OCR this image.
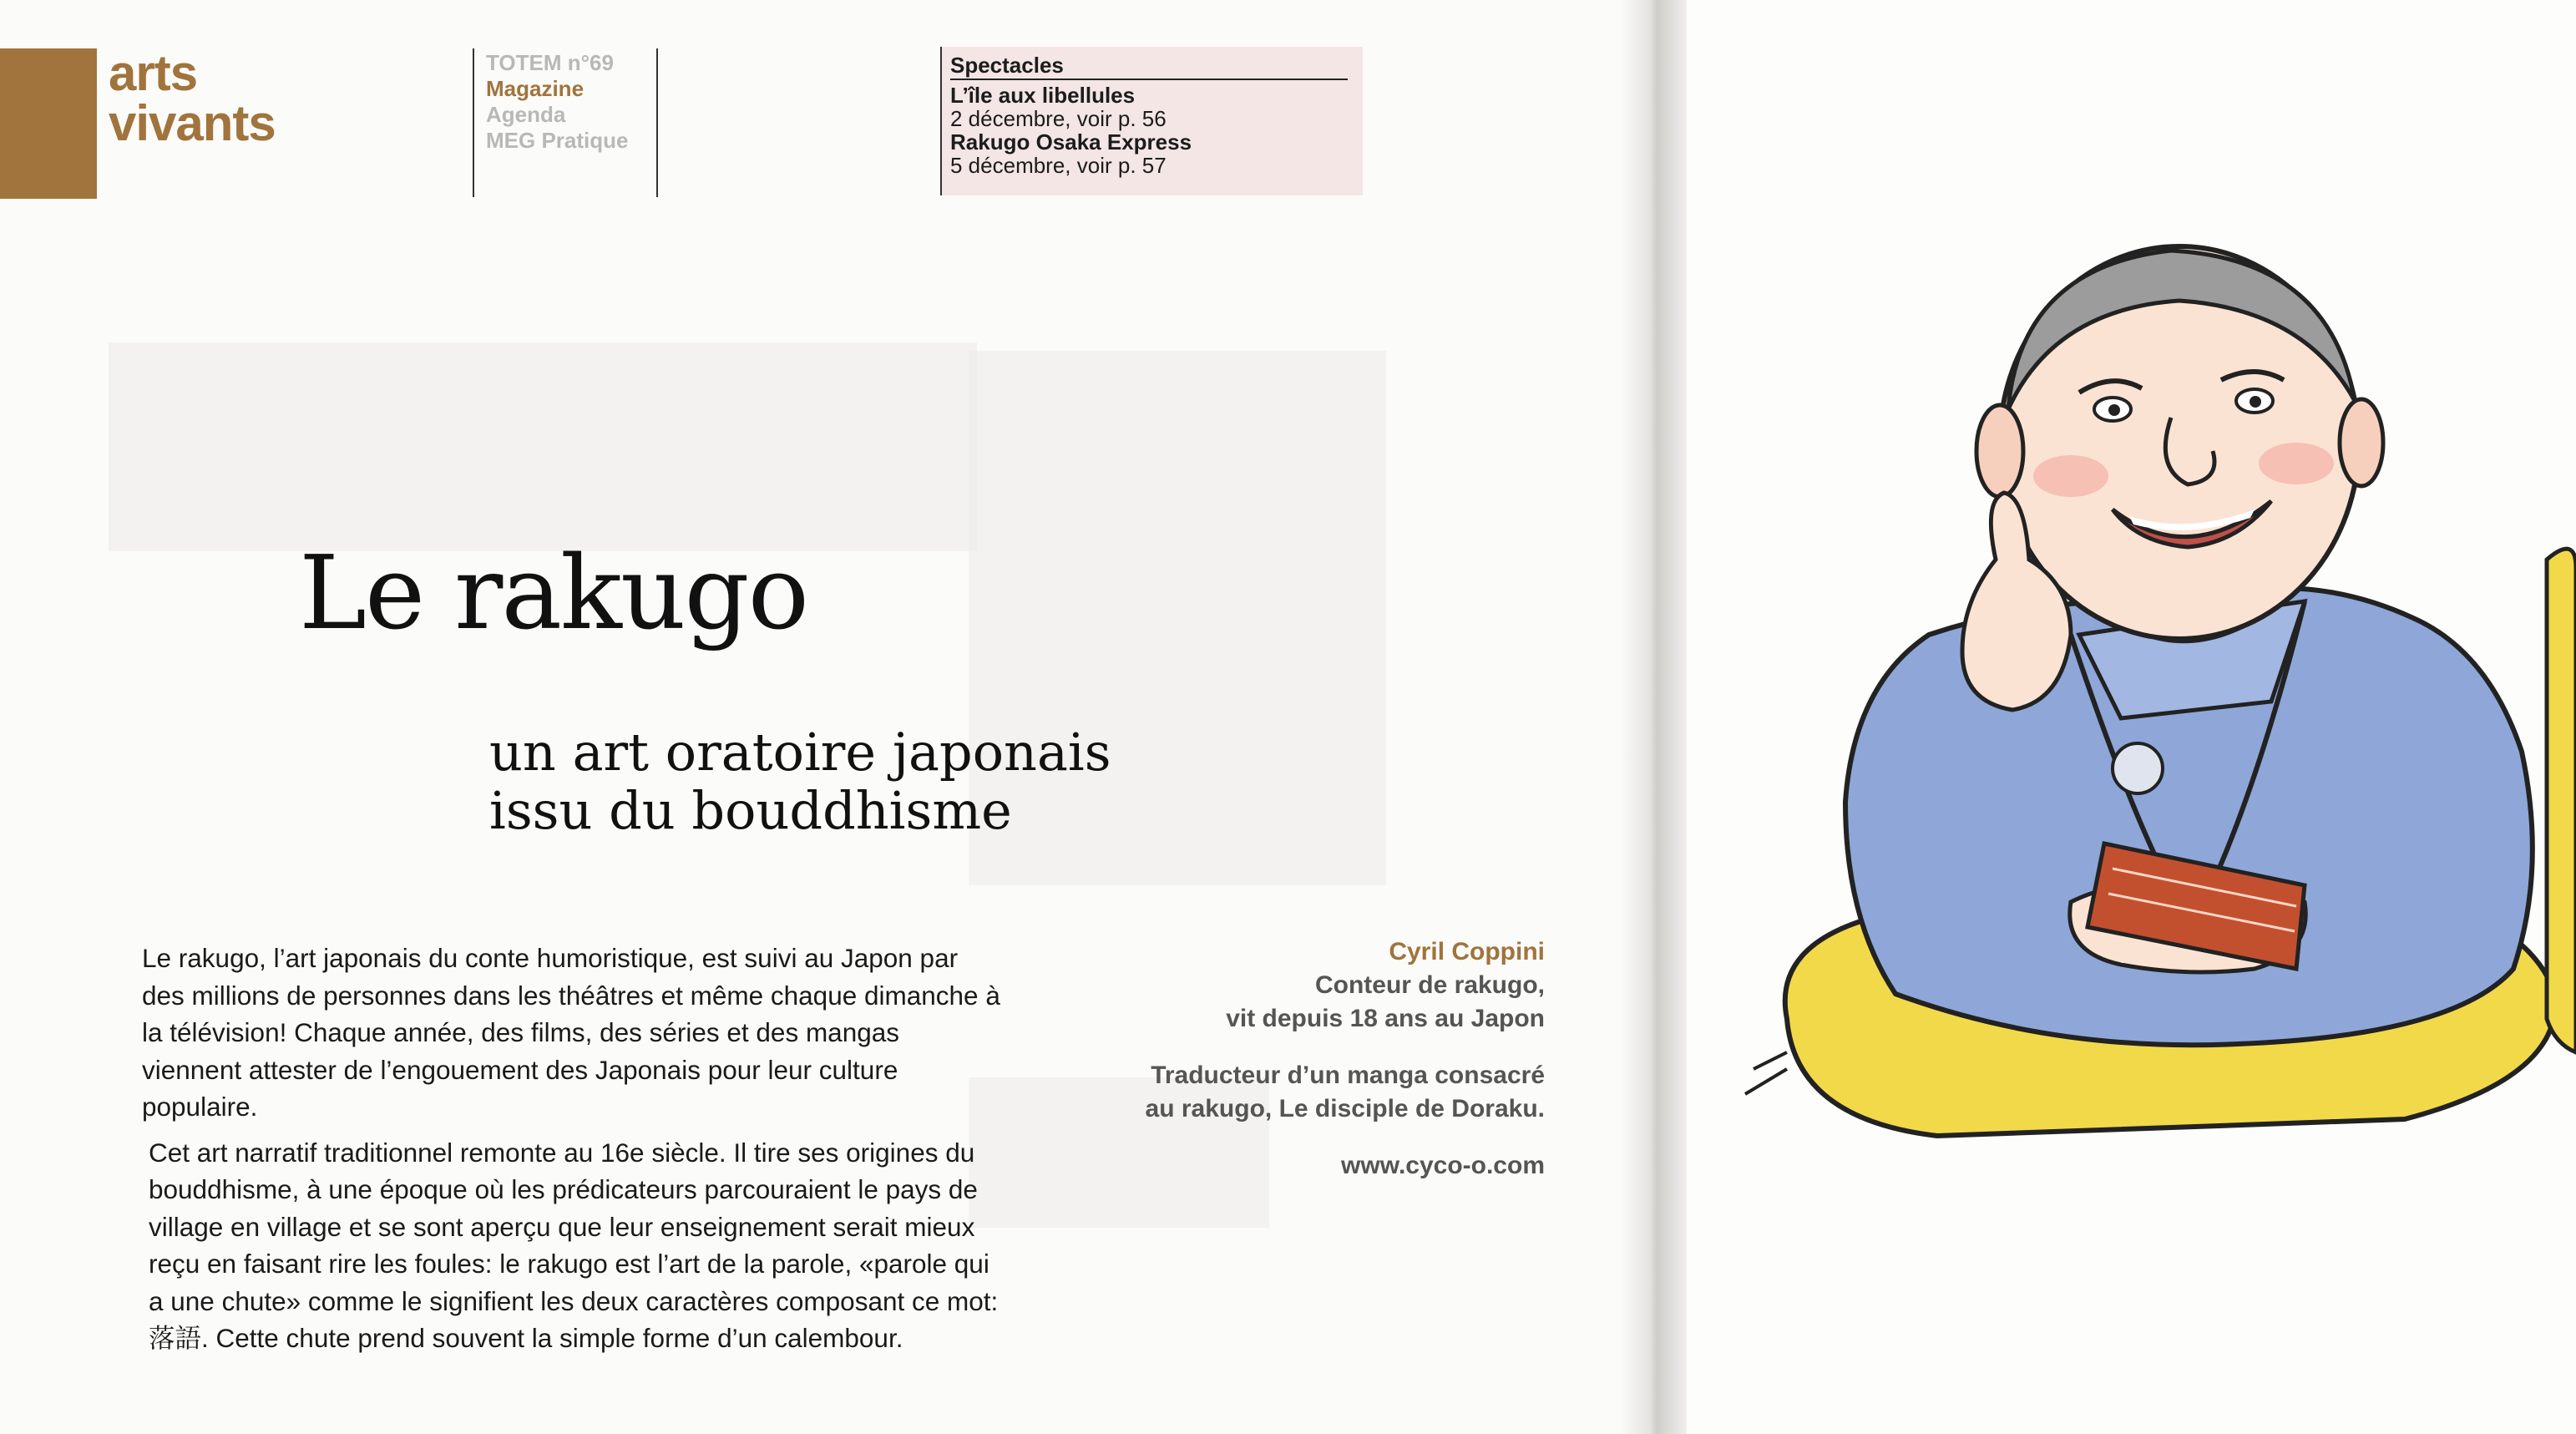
arts
vivants
TOTEM n°69
Magazine
Agenda
MEG Pratique
Spectacles
L’île aux libellules
2 décembre, voir p. 56
Rakugo Osaka Express
5 décembre, voir p. 57
Le rakugo
un art oratoire japonais
issu du bouddhisme

Le rakugo, l’art japonais du conte humoristique, est suivi au Japon par des millions de personnes dans les théâtres et même chaque dimanche à la télévision! Chaque année, des films, des séries et des mangas viennent attester de l’engouement des Japonais pour leur culture populaire.

Cet art narratif traditionnel remonte au 16e siècle. Il tire ses origines du bouddhisme, à une époque où les prédicateurs parcouraient le pays de village en village et se sont aperçu que leur enseignement serait mieux reçu en faisant rire les foules: le rakugo est l’art de la parole, «parole qui a une chute» comme le signifient les deux caractères composant ce mot: 落語. Cette chute prend souvent la simple forme d’un calembour.

Cyril Coppini
Conteur de rakugo,
vit depuis 18 ans au Japon
Traducteur d’un manga consacré
au rakugo, Le disciple de Doraku.
www.cyco-o.com
